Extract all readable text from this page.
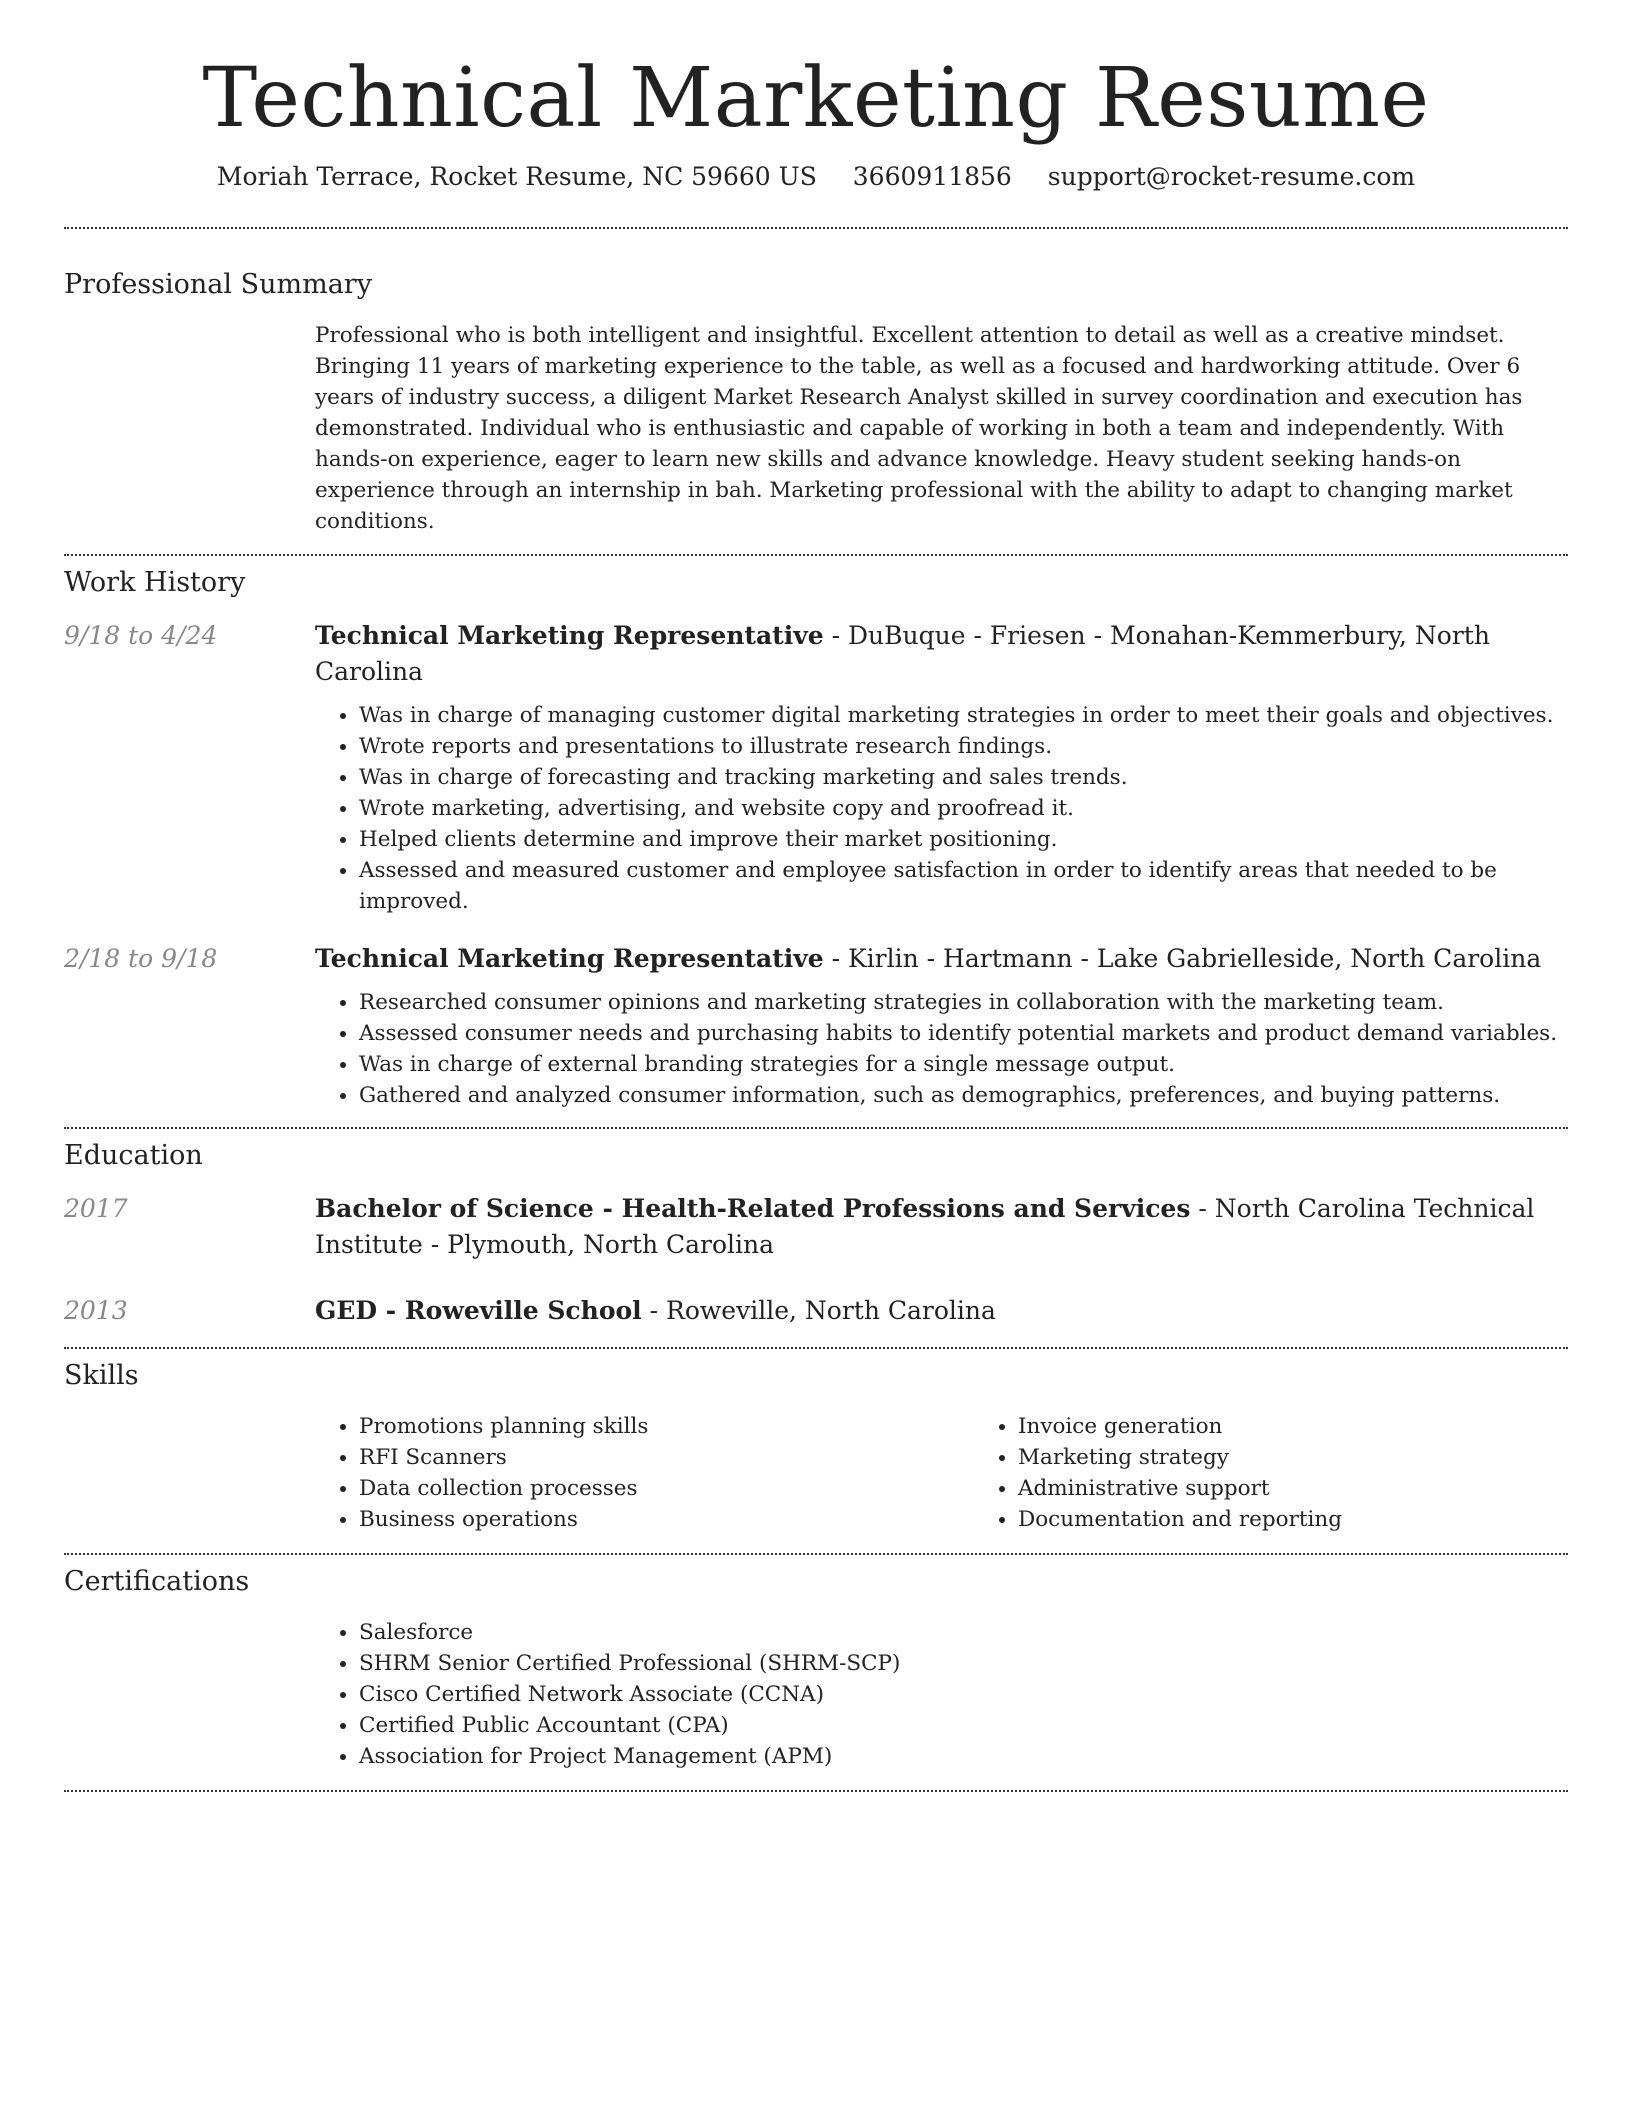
Technical Marketing Resume
Moriah Terrace, Rocket Resume, NC 59660 US 3660911856 support@rocket-resume.com
Professional Summary

Professional who is both intelligent and insightful. Excellent attention to detail as well as a creative mindset. Bringing 11 years of marketing experience to the table, as well as a focused and hardworking attitude. Over 6 years of industry success, a diligent Market Research Analyst skilled in survey coordination and execution has demonstrated. Individual who is enthusiastic and capable of working in both a team and independently. With hands-on experience, eager to learn new skills and advance knowledge. Heavy student seeking hands-on experience through an internship in bah. Marketing professional with the ability to adapt to changing market conditions.

Work History
9/18 to 4/24	Technical Marketing Representative - DuBuque - Friesen - Monahan-Kemmerbury, North Carolina
• Was in charge of managing customer digital marketing strategies in order to meet their goals and objectives.
• Wrote reports and presentations to illustrate research findings.
• Was in charge of forecasting and tracking marketing and sales trends.
• Wrote marketing, advertising, and website copy and proofread it.
• Helped clients determine and improve their market positioning.
• Assessed and measured customer and employee satisfaction in order to identify areas that needed to be improved.
2/18 to 9/18	Technical Marketing Representative - Kirlin - Hartmann - Lake Gabrielleside, North Carolina
• Researched consumer opinions and marketing strategies in collaboration with the marketing team.
• Assessed consumer needs and purchasing habits to identify potential markets and product demand variables.
• Was in charge of external branding strategies for a single message output.
• Gathered and analyzed consumer information, such as demographics, preferences, and buying patterns.
Education
2017	Bachelor of Science - Health-Related Professions and Services - North Carolina Technical Institute - Plymouth, North Carolina
2013	GED - Roweville School - Roweville, North Carolina
Skills
• Promotions planning skills
• RFI Scanners
• Data collection processes
• Business operations
• Invoice generation
• Marketing strategy
• Administrative support
• Documentation and reporting
Certifications
• Salesforce
• SHRM Senior Certified Professional (SHRM-SCP)
• Cisco Certified Network Associate (CCNA)
• Certified Public Accountant (CPA)
• Association for Project Management (APM)
